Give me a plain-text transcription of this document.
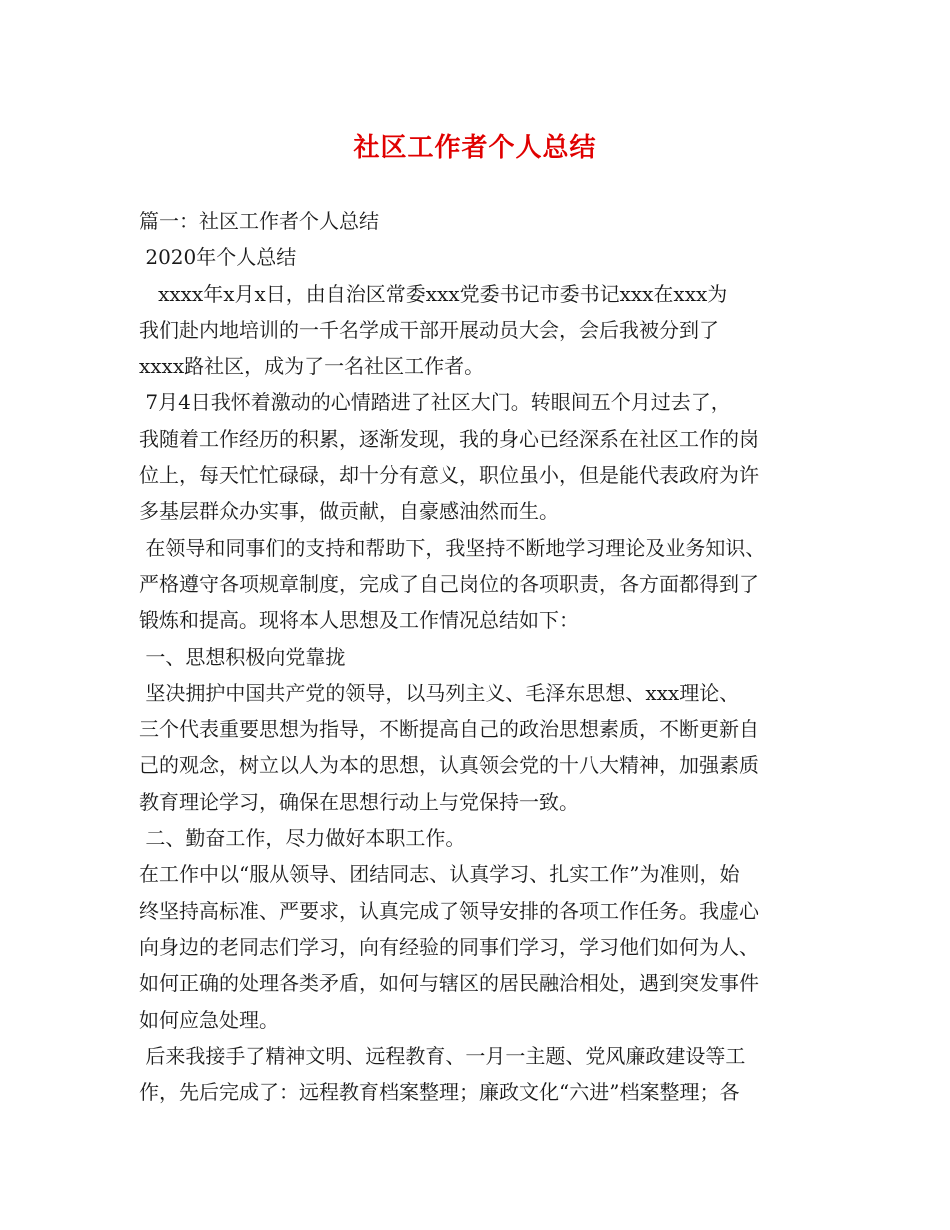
社区工作者个人总结
篇一：社区工作者个人总结
2020年个人总结
xxxx年x月x日，由自治区常委xxx党委书记市委书记xxx在xxx为
我们赴内地培训的一千名学成干部开展动员大会，会后我被分到了
xxxx路社区，成为了一名社区工作者。
7月4日我怀着激动的心情踏进了社区大门。转眼间五个月过去了，
我随着工作经历的积累，逐渐发现，我的身心已经深系在社区工作的岗
位上，每天忙忙碌碌，却十分有意义，职位虽小，但是能代表政府为许
多基层群众办实事，做贡献，自豪感油然而生。
在领导和同事们的支持和帮助下，我坚持不断地学习理论及业务知识、
严格遵守各项规章制度，完成了自己岗位的各项职责，各方面都得到了
锻炼和提高。现将本人思想及工作情况总结如下：
一、思想积极向党靠拢
坚决拥护中国共产党的领导，以马列主义、毛泽东思想、xxx理论、
三个代表重要思想为指导，不断提高自己的政治思想素质，不断更新自
己的观念，树立以人为本的思想，认真领会党的十八大精神，加强素质
教育理论学习，确保在思想行动上与党保持一致。
二、勤奋工作，尽力做好本职工作。
在工作中以“服从领导、团结同志、认真学习、扎实工作”为准则，始
终坚持高标准、严要求，认真完成了领导安排的各项工作任务。我虚心
向身边的老同志们学习，向有经验的同事们学习，学习他们如何为人、
如何正确的处理各类矛盾，如何与辖区的居民融洽相处，遇到突发事件
如何应急处理。
后来我接手了精神文明、远程教育、一月一主题、党风廉政建设等工
作，先后完成了：远程教育档案整理；廉政文化“六进”档案整理；各
